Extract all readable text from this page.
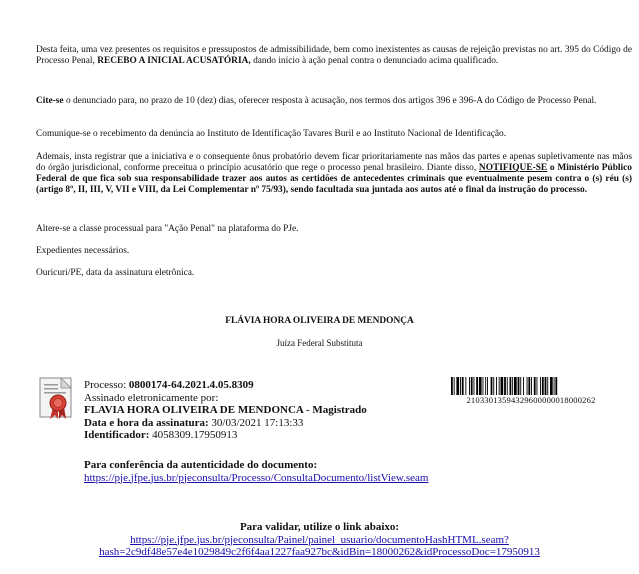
Desta feita, uma vez presentes os requisitos e pressupostos de admissibilidade, bem como inexistentes as causas de rejeição previstas no art. 395 do Código de Processo Penal, RECEBO A INICIAL ACUSATÓRIA, dando início à ação penal contra o denunciado acima qualificado.

Cite-se o denunciado para, no prazo de 10 (dez) dias, oferecer resposta à acusação, nos termos dos artigos 396 e 396-A do Código de Processo Penal.

Comunique-se o recebimento da denúncia ao Instituto de Identificação Tavares Buril e ao Instituto Nacional de Identificação.

Ademais, insta registrar que a iniciativa e o consequente ônus probatório devem ficar prioritariamente nas mãos das partes e apenas supletivamente nas mãos do órgão jurisdicional, conforme preceitua o princípio acusatório que rege o processo penal brasileiro. Diante disso, NOTIFIQUE-SE o Ministério Público Federal de que fica sob sua responsabilidade trazer aos autos as certidões de antecedentes criminais que eventualmente pesem contra o (s) réu (s) (artigo 8º, II, III, V, VII e VIII, da Lei Complementar nº 75/93), sendo facultada sua juntada aos autos até o final da instrução do processo.

Altere-se a classe processual para "Ação Penal" na plataforma do PJe.

Expedientes necessários.

Ouricuri/PE, data da assinatura eletrônica.

FLÁVIA HORA OLIVEIRA DE MENDONÇA

Juíza Federal Substituta

Processo: 0800174-64.2021.4.05.8309
Assinado eletronicamente por:
FLAVIA HORA OLIVEIRA DE MENDONCA - Magistrado
Data e hora da assinatura: 30/03/2021 17:13:33
Identificador: 4058309.17950913

21033013594329600000018000262

Para conferência da autenticidade do documento:
https://pje.jfpe.jus.br/pjeconsulta/Processo/ConsultaDocumento/listView.seam
Para validar, utilize o link abaixo:
https://pje.jfpe.jus.br/pjeconsulta/Painel/painel_usuario/documentoHashHTML.seam?
hash=2c9df48e57e4e1029849c2f6f4aa1227faa927bc&idBin=18000262&idProcessoDoc=17950913
